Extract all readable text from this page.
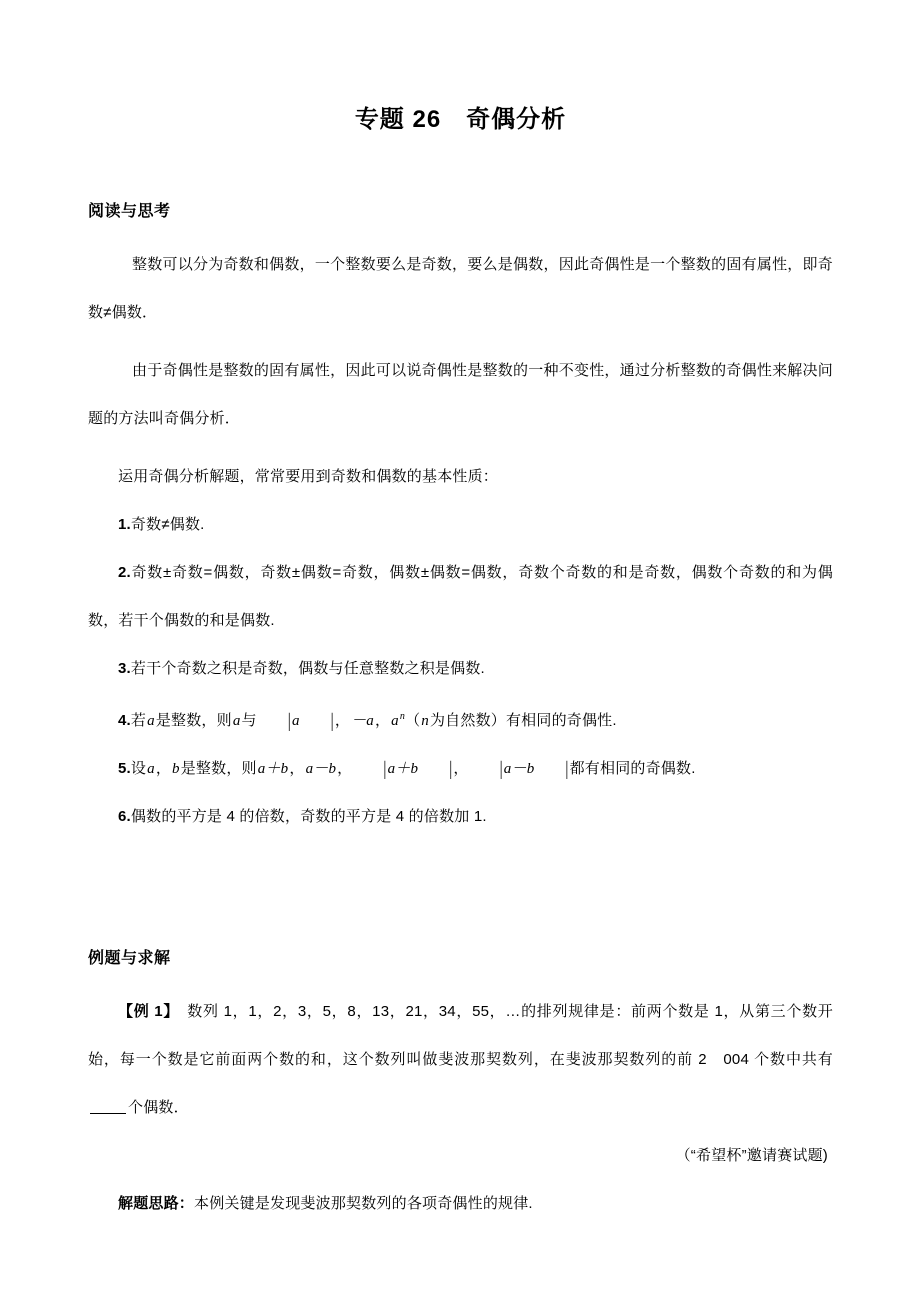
专题 26　奇偶分析
阅读与思考

整数可以分为奇数和偶数，一个整数要么是奇数，要么是偶数，因此奇偶性是一个整数的固有属性，即奇数≠偶数．

由于奇偶性是整数的固有属性，因此可以说奇偶性是整数的一种不变性，通过分析整数的奇偶性来解决问题的方法叫奇偶分析．

运用奇偶分析解题，常常要用到奇数和偶数的基本性质：

1.奇数≠偶数.

2.奇数±奇数=偶数，奇数±偶数=奇数，偶数±偶数=偶数，奇数个奇数的和是奇数，偶数个奇数的和为偶数，若干个偶数的和是偶数.

3.若干个奇数之积是奇数，偶数与任意整数之积是偶数.

4.若a是整数，则a与 | a | ，－a，$a^n(n$为自然数）有相同的奇偶性.

5.设a，b是整数，则a＋b，a－b， | a＋b | ， | a－b | 都有相同的奇偶数.

6.偶数的平方是 4 的倍数，奇数的平方是 4 的倍数加 1.

例题与求解

【例 1】　 数列 1，1，2，3，5，8，13，21，34，55，…的排列规律是：前两个数是 1，从第三个数开始，每一个数是它前面两个数的和，这个数列叫做斐波那契数列，在斐波那契数列的前 2　004 个数中共有个偶数．

（“希望杯”邀请赛试题)

解题思路：本例关键是发现斐波那契数列的各项奇偶性的规律.
